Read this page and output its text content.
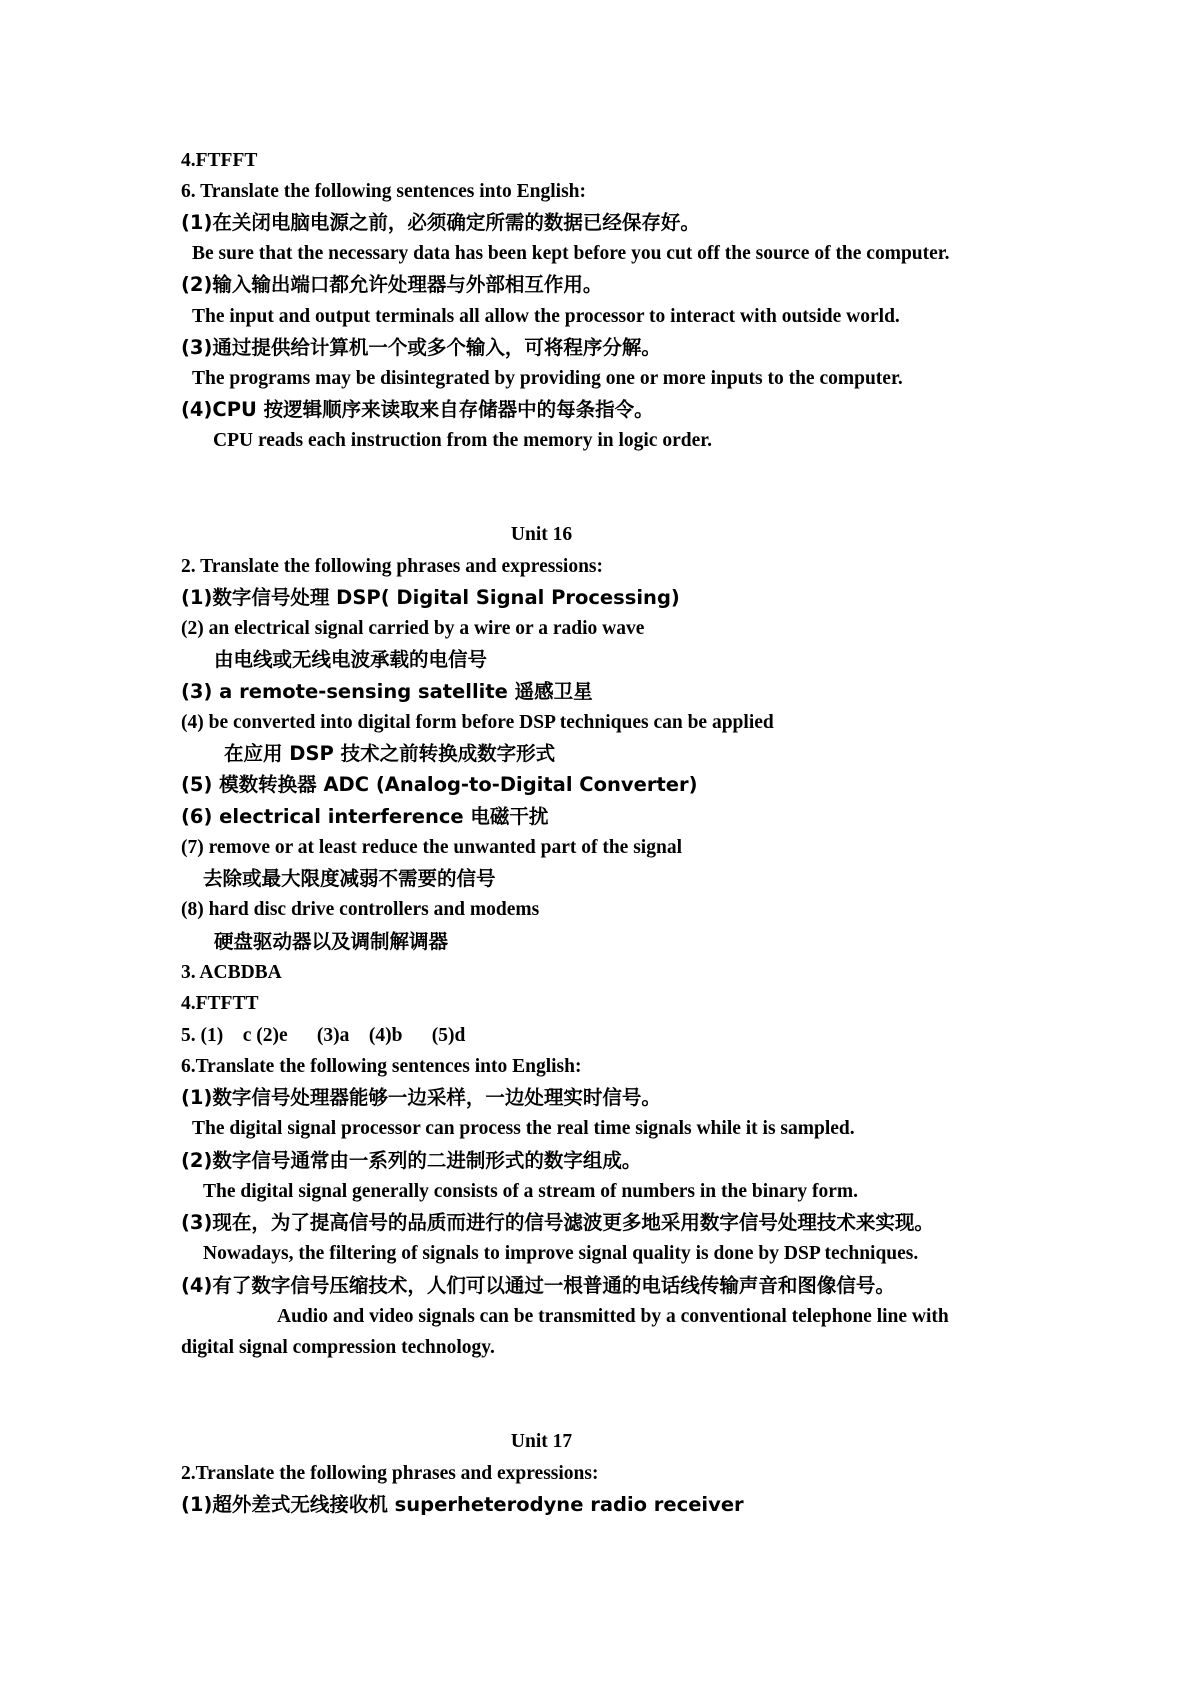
4.FTFFT
6. Translate the following sentences into English:
(1)在关闭电脑电源之前，必须确定所需的数据已经保存好。
Be sure that the necessary data has been kept before you cut off the source of the computer.
(2)输入输出端口都允许处理器与外部相互作用。
The input and output terminals all allow the processor to interact with outside world.
(3)通过提供给计算机一个或多个输入，可将程序分解。
The programs may be disintegrated by providing one or more inputs to the computer.
(4)CPU 按逻辑顺序来读取来自存储器中的每条指令。
CPU reads each instruction from the memory in logic order.
Unit 16
2. Translate the following phrases and expressions:
(1)数字信号处理 DSP( Digital Signal Processing)
(2) an electrical signal carried by a wire or a radio wave
由电线或无线电波承载的电信号
(3) a remote-sensing satellite 遥感卫星
(4) be converted into digital form before DSP techniques can be applied
在应用 DSP 技术之前转换成数字形式
(5) 模数转换器 ADC (Analog-to-Digital Converter)
(6) electrical interference 电磁干扰
(7) remove or at least reduce the unwanted part of the signal
去除或最大限度减弱不需要的信号
(8) hard disc drive controllers and modems
硬盘驱动器以及调制解调器
3. ACBDBA
4.FTFTT
5. (1)    c (2)e      (3)a    (4)b      (5)d
6.Translate the following sentences into English:
(1)数字信号处理器能够一边采样，一边处理实时信号。
The digital signal processor can process the real time signals while it is sampled.
(2)数字信号通常由一系列的二进制形式的数字组成。
The digital signal generally consists of a stream of numbers in the binary form.
(3)现在，为了提高信号的品质而进行的信号滤波更多地采用数字信号处理技术来实现。
Nowadays, the filtering of signals to improve signal quality is done by DSP techniques.
(4)有了数字信号压缩技术，人们可以通过一根普通的电话线传输声音和图像信号。
Audio and video signals can be transmitted by a conventional telephone line with
digital signal compression technology.
Unit 17
2.Translate the following phrases and expressions:
(1)超外差式无线接收机 superheterodyne radio receiver
